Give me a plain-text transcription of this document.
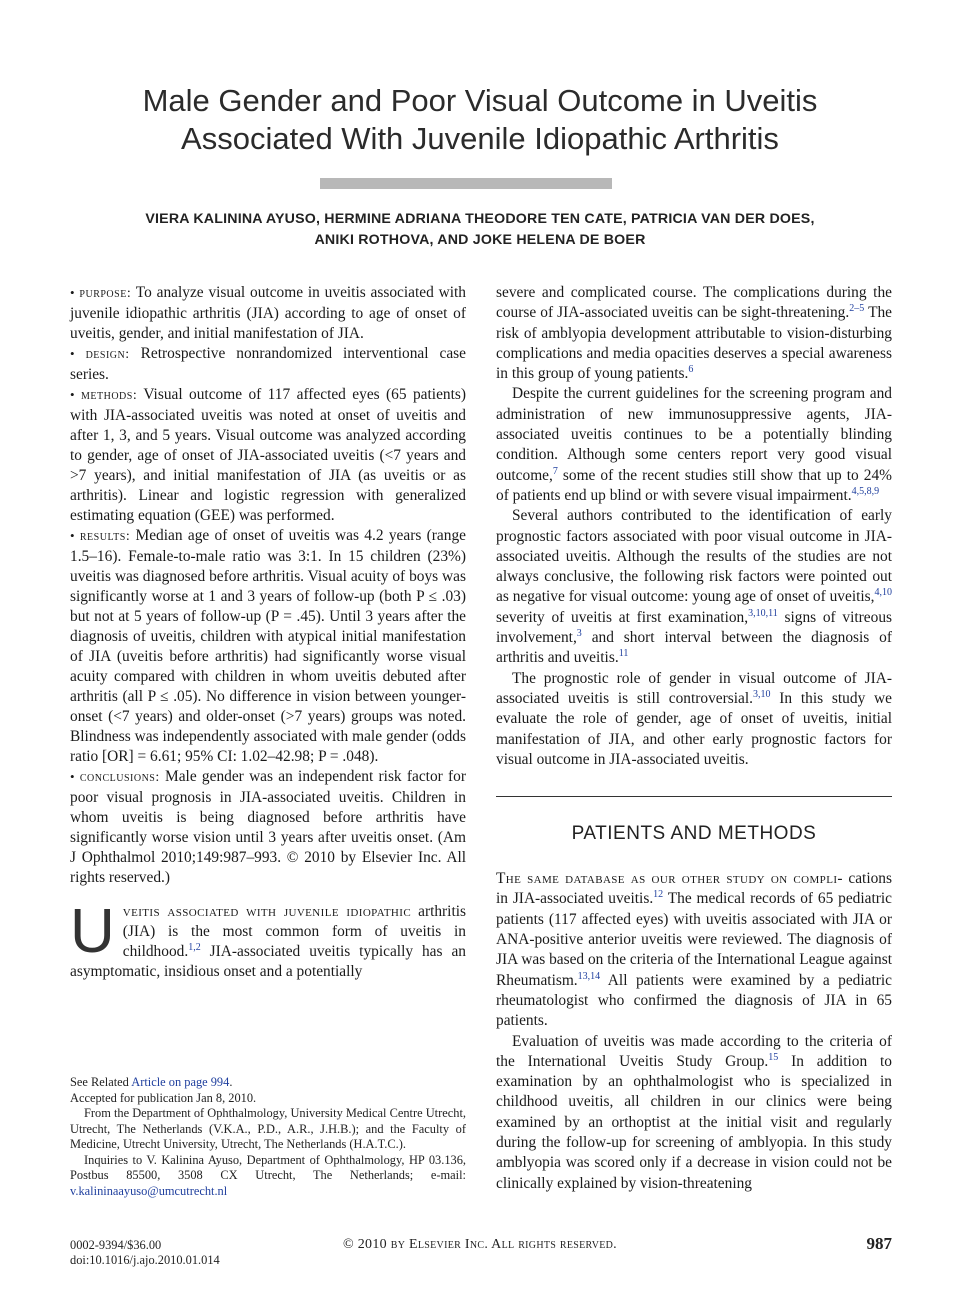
Male Gender and Poor Visual Outcome in Uveitis Associated With Juvenile Idiopathic Arthritis
VIERA KALININA AYUSO, HERMINE ADRIANA THEODORE TEN CATE, PATRICIA VAN DER DOES,
ANIKI ROTHOVA, AND JOKE HELENA DE BOER

• purpose: To analyze visual outcome in uveitis associated with juvenile idiopathic arthritis (JIA) according to age of onset of uveitis, gender, and initial manifestation of JIA.

• design: Retrospective nonrandomized interventional case series.

• methods: Visual outcome of 117 affected eyes (65 patients) with JIA-associated uveitis was noted at onset of uveitis and after 1, 3, and 5 years. Visual outcome was analyzed according to gender, age of onset of JIA-associated uveitis (<7 years and >7 years), and initial manifestation of JIA (as uveitis or as arthritis). Linear and logistic regression with generalized estimating equation (GEE) was performed.

• results: Median age of onset of uveitis was 4.2 years (range 1.5–16). Female-to-male ratio was 3:1. In 15 children (23%) uveitis was diagnosed before arthritis. Visual acuity of boys was significantly worse at 1 and 3 years of follow-up (both P ≤ .03) but not at 5 years of follow-up (P = .45). Until 3 years after the diagnosis of uveitis, children with atypical initial manifestation of JIA (uveitis before arthritis) had significantly worse visual acuity compared with children in whom uveitis debuted after arthritis (all P ≤ .05). No difference in vision between younger-onset (<7 years) and older-onset (>7 years) groups was noted. Blindness was independently associated with male gender (odds ratio [OR] = 6.61; 95% CI: 1.02–42.98; P = .048).

• conclusions: Male gender was an independent risk factor for poor visual prognosis in JIA-associated uveitis. Children in whom uveitis is being diagnosed before arthritis have significantly worse vision until 3 years after uveitis onset. (Am J Ophthalmol 2010;149:987–993. © 2010 by Elsevier Inc. All rights reserved.)

Uveitis associated with juvenile idiopathic arthritis (JIA) is the most common form of uveitis in childhood.$^{1,2}$ JIA-associated uveitis typically has an asymptomatic, insidious onset and a potentially

See Related Article on page 994.

Accepted for publication Jan 8, 2010.

From the Department of Ophthalmology, University Medical Centre Utrecht, Utrecht, The Netherlands (V.K.A., P.D., A.R., J.H.B.); and the Faculty of Medicine, Utrecht University, Utrecht, The Netherlands (H.A.T.C.).

Inquiries to V. Kalinina Ayuso, Department of Ophthalmology, HP 03.136, Postbus 85500, 3508 CX Utrecht, The Netherlands; e-mail: v.kalininaayuso@umcutrecht.nl

severe and complicated course. The complications during the course of JIA-associated uveitis can be sight-threatening.$^{2-5}$ The risk of amblyopia development attributable to vision-disturbing complications and media opacities deserves a special awareness in this group of young patients.$^6$

Despite the current guidelines for the screening program and administration of new immunosuppressive agents, JIA-associated uveitis continues to be a potentially blinding condition. Although some centers report very good visual outcome,$^7$ some of the recent studies still show that up to 24% of patients end up blind or with severe visual impairment.$^{4,5,8,9}$

Several authors contributed to the identification of early prognostic factors associated with poor visual outcome in JIA-associated uveitis. Although the results of the studies are not always conclusive, the following risk factors were pointed out as negative for visual outcome: young age of onset of uveitis,$^{4,10}$ severity of uveitis at first examination,$^{3,10,11}$ signs of vitreous involvement,$^3$ and short interval between the diagnosis of arthritis and uveitis.$^{11}$

The prognostic role of gender in visual outcome of JIA-associated uveitis is still controversial.$^{3,10}$ In this study we evaluate the role of gender, age of onset of uveitis, initial manifestation of JIA, and other early prognostic factors for visual outcome in JIA-associated uveitis.

PATIENTS AND METHODS

The same database as our other study on compli- cations in JIA-associated uveitis.$^{12}$ The medical records of 65 pediatric patients (117 affected eyes) with uveitis associated with JIA or ANA-positive anterior uveitis were reviewed. The diagnosis of JIA was based on the criteria of the International League against Rheumatism.$^{13,14}$ All patients were examined by a pediatric rheumatologist who confirmed the diagnosis of JIA in 65 patients.

Evaluation of uveitis was made according to the criteria of the International Uveitis Study Group.$^{15}$ In addition to examination by an ophthalmologist who is specialized in childhood uveitis, all children in our clinics were being examined by an orthoptist at the initial visit and regularly during the follow-up for screening of amblyopia. In this study amblyopia was scored only if a decrease in vision could not be clinically explained by vision-threatening

0002-9394/$36.00
doi:10.1016/j.ajo.2010.01.014
© 2010 by Elsevier Inc. All rights reserved.	987
